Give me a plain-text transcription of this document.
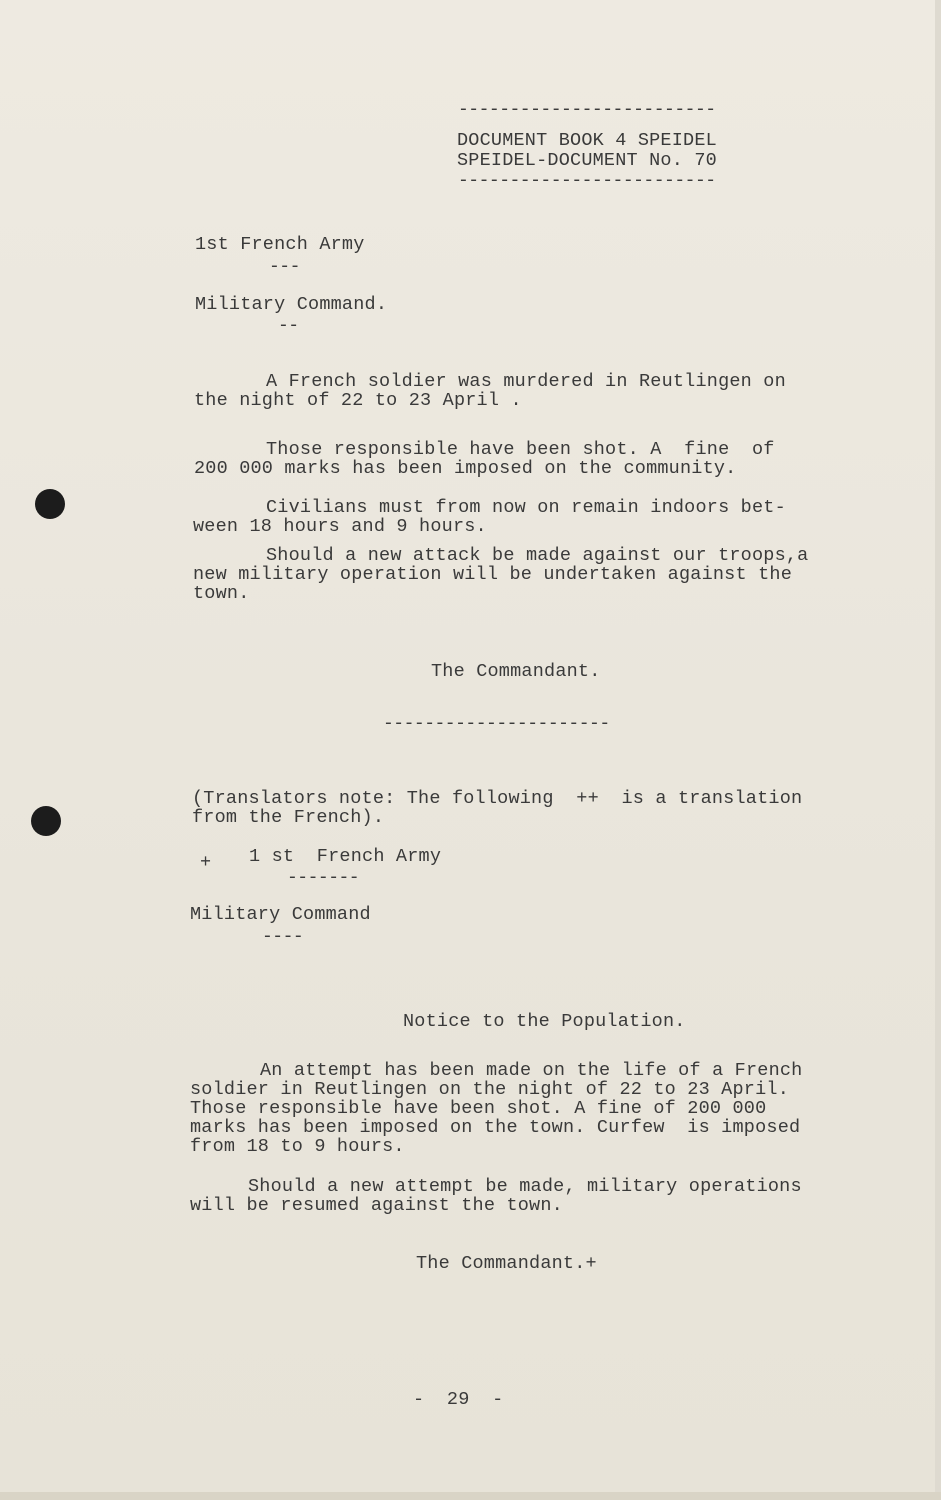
-------------------------

DOCUMENT BOOK 4 SPEIDEL

SPEIDEL-DOCUMENT No. 70

-------------------------

1st French Army

---

Military Command.

--

A French soldier was murdered in Reutlingen on
the night of 22 to 23 April .

Those responsible have been shot. A  fine  of
200 000 marks has been imposed on the community.

Civilians must from now on remain indoors bet-
ween 18 hours and 9 hours.

Should a new attack be made against our troops,a
new military operation will be undertaken against the
town.

The Commandant.

----------------------

(Translators note: The following  ++  is a translation
from the French).

+ 1 st  French Army

-------

Military Command

----

Notice to the Population.

An attempt has been made on the life of a French
soldier in Reutlingen on the night of 22 to 23 April.
Those responsible have been shot. A fine of 200 000
marks has been imposed on the town. Curfew  is imposed
from 18 to 9 hours.

Should a new attempt be made, military operations
will be resumed against the town.

The Commandant.+

-  29  -
